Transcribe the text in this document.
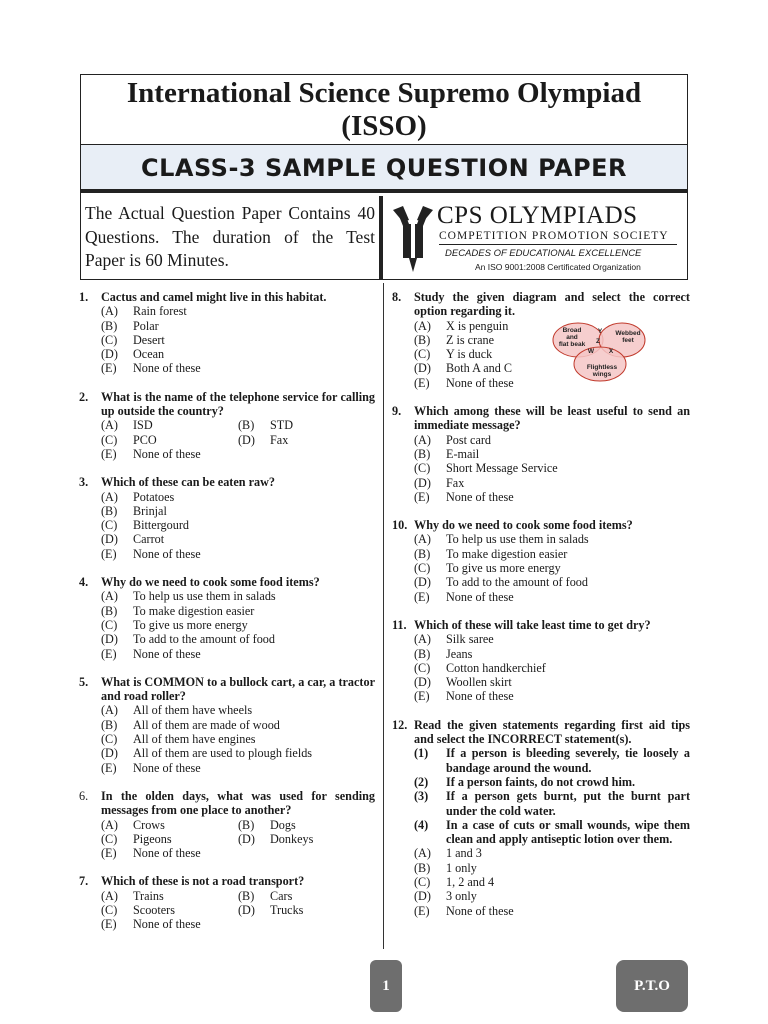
International Science Supremo Olympiad
(ISSO)
CLASS-3 SAMPLE QUESTION PAPER
The Actual Question Paper Contains 40 Questions. The duration of the Test Paper is 60 Minutes.
CPS OLYMPIADS
COMPETITION PROMOTION SOCIETY
DECADES OF EDUCATIONAL EXCELLENCE
An ISO 9001:2008 Certificated Organization
1.	Cactus and camel might live in this habitat.
(A)	Rain forest
(B)	Polar
(C)	Desert
(D)	Ocean
(E)	None of these
2.	What is the name of the telephone service for calling up outside the country?
(A)	ISD	(B)	STD
(C)	PCO	(D)	Fax
(E)	None of these
3.	Which of these can be eaten raw?
(A)	Potatoes
(B)	Brinjal
(C)	Bittergourd
(D)	Carrot
(E)	None of these
4.	Why do we need to cook some food items?
(A)	To help us use them in salads
(B)	To make digestion easier
(C)	To give us more energy
(D)	To add to the amount of food
(E)	None of these
5.	What is COMMON to a bullock cart, a car, a tractor and road roller?
(A)	All of them have wheels
(B)	All of them are made of wood
(C)	All of them have engines
(D)	All of them are used to plough fields
(E)	None of these
6.	In the olden days, what was used for sending messages from one place to another?
(A)	Crows	(B)	Dogs
(C)	Pigeons	(D)	Donkeys
(E)	None of these
7.	Which of these is not a road transport?
(A)	Trains	(B)	Cars
(C)	Scooters	(D)	Trucks
(E)	None of these
8.	Study the given diagram and select the correct option regarding it.
(A)	X is penguin
(B)	Z is crane
(C)	Y is duck
(D)	Both A and C
(E)	None of these
Broad
and
flat beak
Webbed
feet
Flightless
wings
Y
Z
W X
9.	Which among these will be least useful to send an immediate message?
(A)	Post card
(B)	E-mail
(C)	Short Message Service
(D)	Fax
(E)	None of these
10. Why do we need to cook some food items?
(A)	To help us use them in salads
(B)	To make digestion easier
(C)	To give us more energy
(D)	To add to the amount of food
(E)	None of these
11. Which of these will take least time to get dry?
(A)	Silk saree
(B)	Jeans
(C)	Cotton handkerchief
(D)	Woollen skirt
(E)	None of these
12. Read the given statements regarding first aid tips and select the INCORRECT statement(s).
(1)	If a person is bleeding severely, tie loosely a bandage around the wound.
(2)	If a person faints, do not crowd him.
(3)	If a person gets burnt, put the burnt part under the cold water.
(4)	In a case of cuts or small wounds, wipe them clean and apply antiseptic lotion over them.
(A)	1 and 3
(B)	1 only
(C)	1, 2 and 4
(D)	3 only
(E)	None of these
1	P.T.O
